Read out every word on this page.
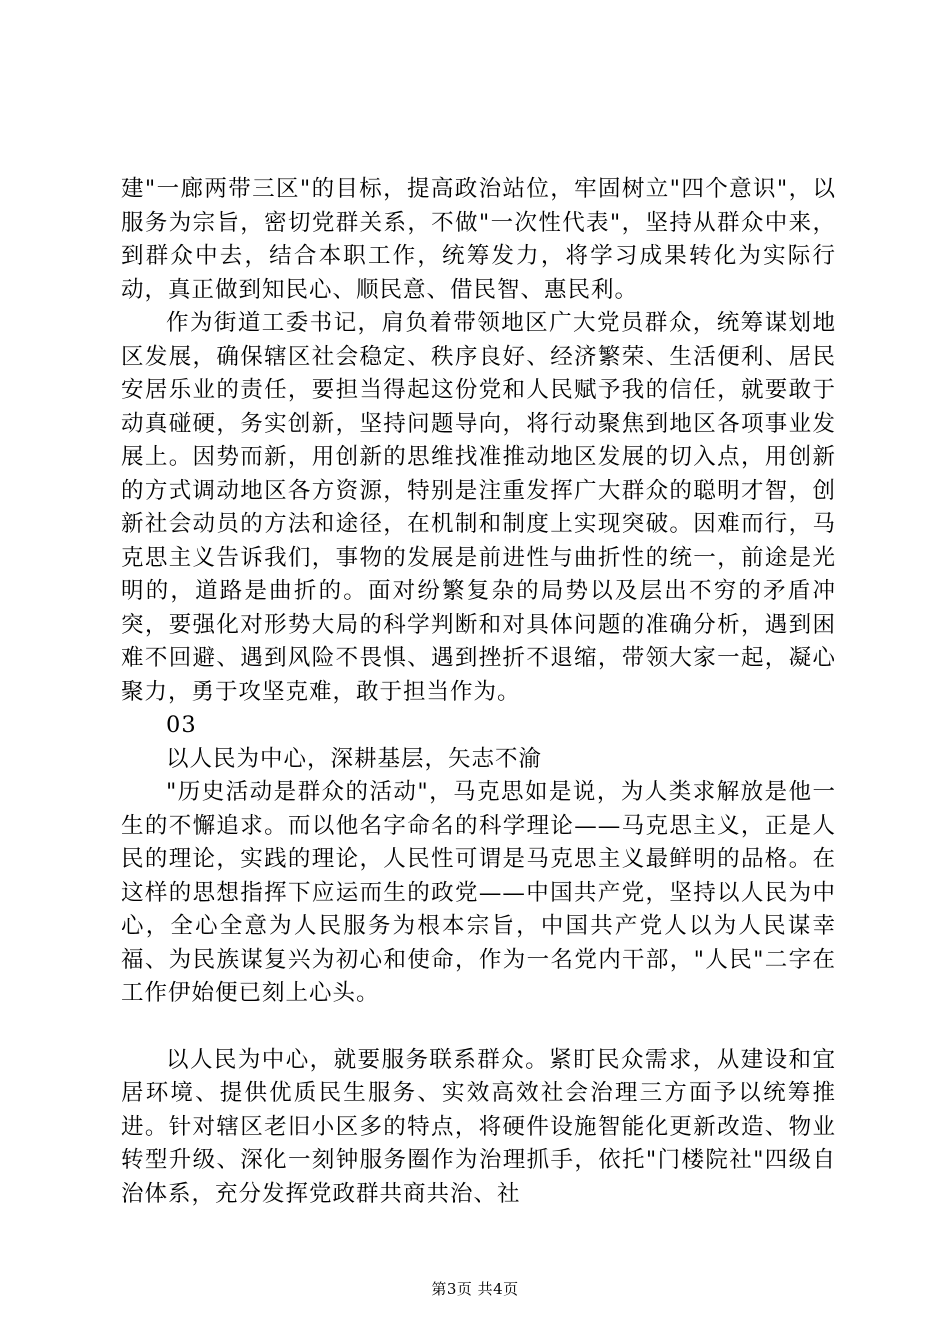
建"一廊两带三区"的目标，提高政治站位，牢固树立"四个意识"，以服务为宗旨，密切党群关系，不做"一次性代表"，坚持从群众中来，到群众中去，结合本职工作，统筹发力，将学习成果转化为实际行动，真正做到知民心、顺民意、借民智、惠民利。

作为街道工委书记，肩负着带领地区广大党员群众，统筹谋划地区发展，确保辖区社会稳定、秩序良好、经济繁荣、生活便利、居民安居乐业的责任，要担当得起这份党和人民赋予我的信任，就要敢于动真碰硬，务实创新，坚持问题导向，将行动聚焦到地区各项事业发展上。因势而新，用创新的思维找准推动地区发展的切入点，用创新的方式调动地区各方资源，特别是注重发挥广大群众的聪明才智，创新社会动员的方法和途径，在机制和制度上实现突破。因难而行，马克思主义告诉我们，事物的发展是前进性与曲折性的统一，前途是光明的，道路是曲折的。面对纷繁复杂的局势以及层出不穷的矛盾冲突，要强化对形势大局的科学判断和对具体问题的准确分析，遇到困难不回避、遇到风险不畏惧、遇到挫折不退缩，带领大家一起，凝心聚力，勇于攻坚克难，敢于担当作为。

03

以人民为中心，深耕基层，矢志不渝

"历史活动是群众的活动"，马克思如是说，为人类求解放是他一生的不懈追求。而以他名字命名的科学理论——马克思主义，正是人民的理论，实践的理论，人民性可谓是马克思主义最鲜明的品格。在这样的思想指挥下应运而生的政党——中国共产党，坚持以人民为中心，全心全意为人民服务为根本宗旨，中国共产党人以为人民谋幸福、为民族谋复兴为初心和使命，作为一名党内干部，"人民"二字在工作伊始便已刻上心头。

以人民为中心，就要服务联系群众。紧盯民众需求，从建设和宜居环境、提供优质民生服务、实效高效社会治理三方面予以统筹推进。针对辖区老旧小区多的特点，将硬件设施智能化更新改造、物业转型升级、深化一刻钟服务圈作为治理抓手，依托"门楼院社"四级自治体系，充分发挥党政群共商共治、社

第3页 共4页
